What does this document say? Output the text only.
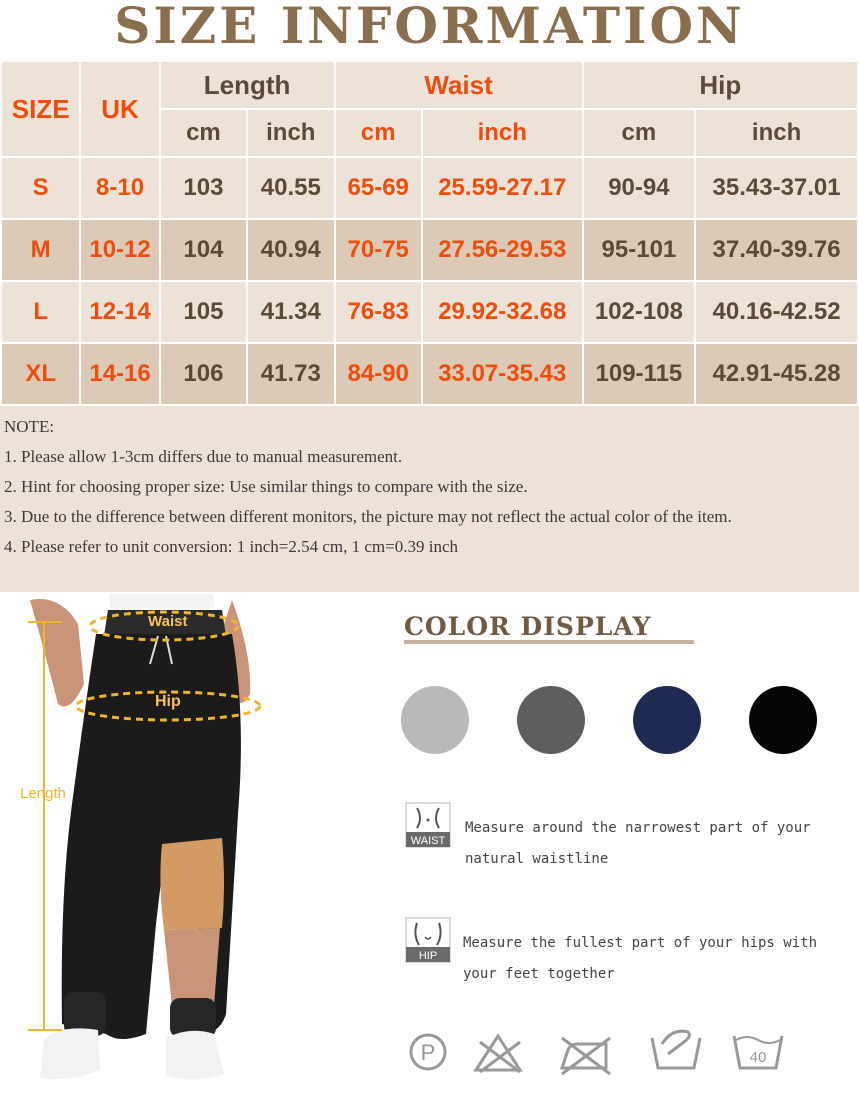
SIZE INFORMATION
SIZE	UK	Length		Waist		Hip	
		cm	inch	cm	inch	cm	inch
S	8-10	103	40.55	65-69	25.59-27.17	90-94	35.43-37.01
M	10-12	104	40.94	70-75	27.56-29.53	95-101	37.40-39.76
L	12-14	105	41.34	76-83	29.92-32.68	102-108	40.16-42.52
XL	14-16	106	41.73	84-90	33.07-35.43	109-115	42.91-45.28
NOTE:
1. Please allow 1-3cm differs due to manual measurement.
2. Hint for choosing proper size: Use similar things to compare with the size.
3. Due to the difference between different monitors, the picture may not reflect the actual color of the item.
4. Please refer to unit conversion: 1 inch=2.54 cm, 1 cm=0.39 inch
Waist
Hip
Length
COLOR DISPLAY
WAIST
Measure around the narrowest part of your
natural waistline
HIP
Measure the fullest part of your hips with
your feet together
P	40
